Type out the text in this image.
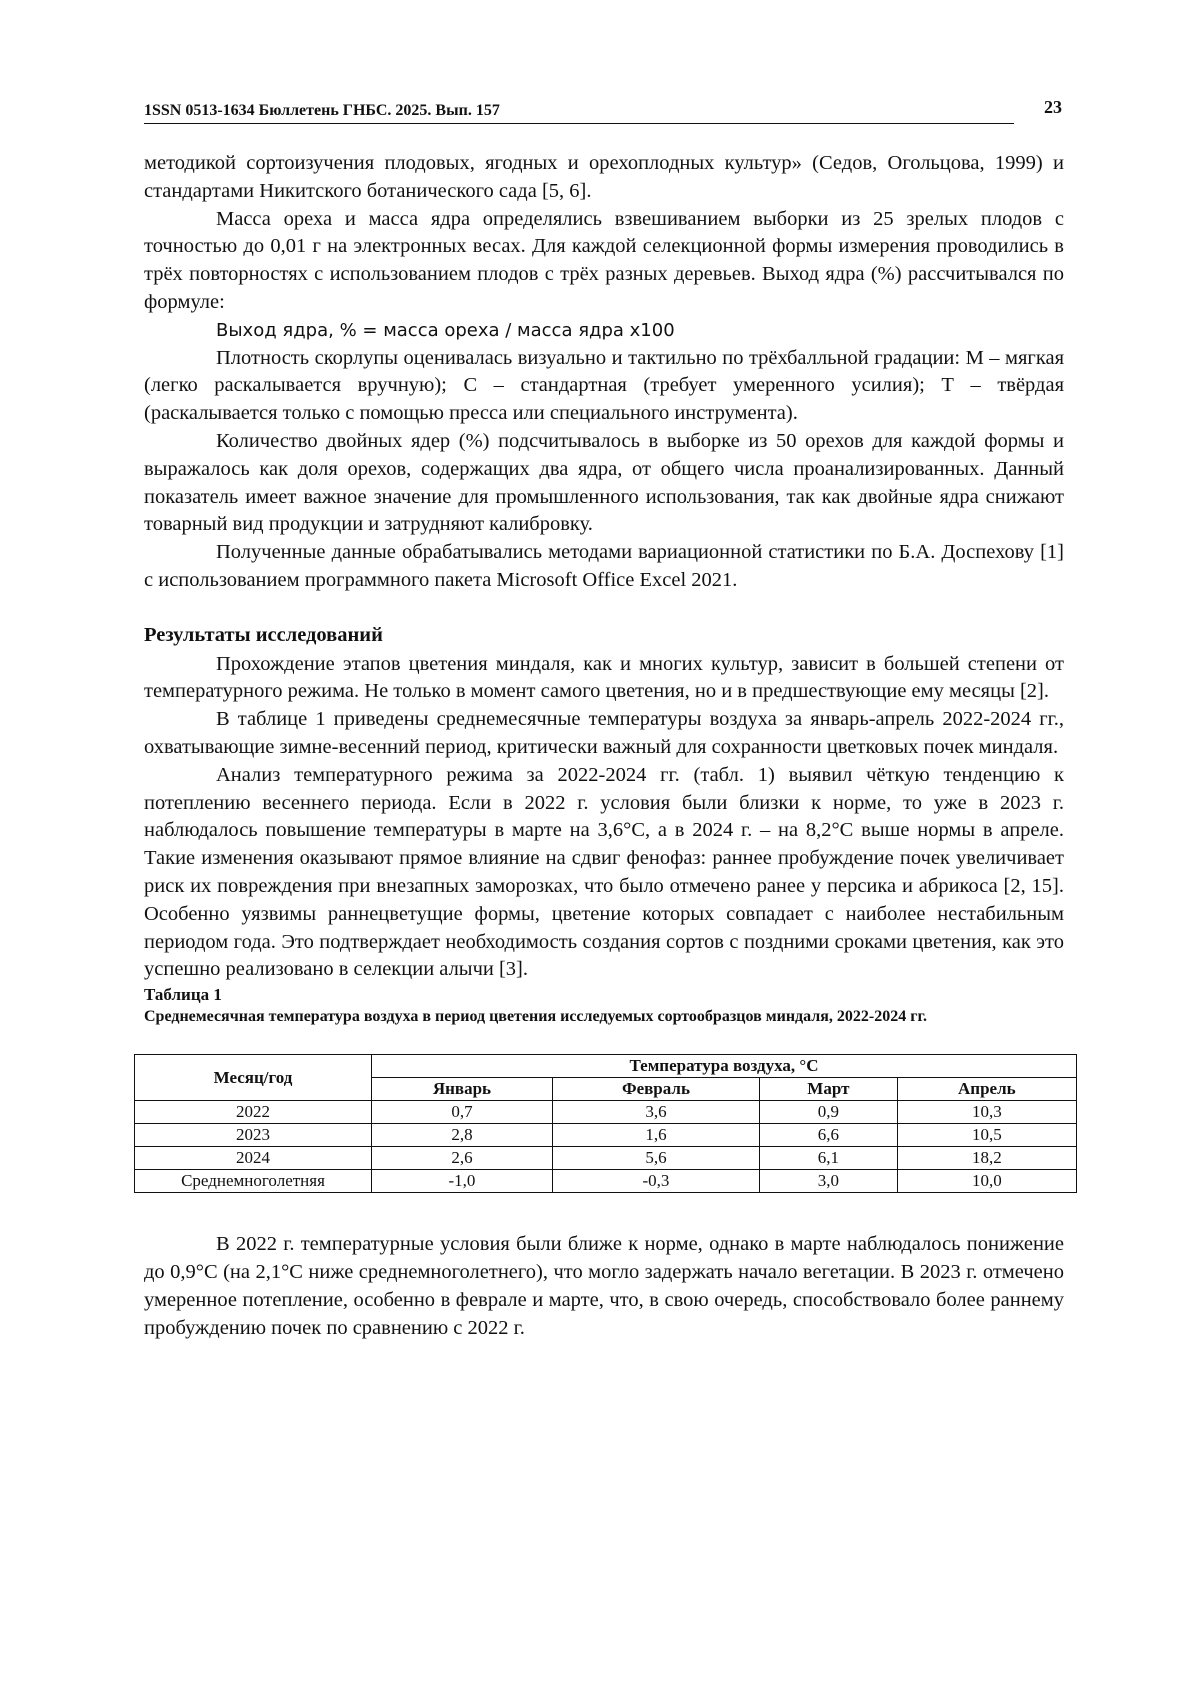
1SSN 0513-1634 Бюллетень ГНБС. 2025. Вып. 157	23

методикой сортоизучения плодовых, ягодных и орехоплодных культур» (Седов, Огольцова, 1999) и стандартами Никитского ботанического сада [5, 6].

Масса ореха и масса ядра определялись взвешиванием выборки из 25 зрелых плодов с точностью до 0,01 г на электронных весах. Для каждой селекционной формы измерения проводились в трёх повторностях с использованием плодов с трёх разных деревьев. Выход ядра (%) рассчитывался по формуле:

Выход ядра, % = масса ореха / масса ядра x100

Плотность скорлупы оценивалась визуально и тактильно по трёхбалльной градации: М – мягкая (легко раскалывается вручную); С – стандартная (требует умеренного усилия); Т – твёрдая (раскалывается только с помощью пресса или специального инструмента).

Количество двойных ядер (%) подсчитывалось в выборке из 50 орехов для каждой формы и выражалось как доля орехов, содержащих два ядра, от общего числа проанализированных. Данный показатель имеет важное значение для промышленного использования, так как двойные ядра снижают товарный вид продукции и затрудняют калибровку.

Полученные данные обрабатывались методами вариационной статистики по Б.А. Доспехову [1] с использованием программного пакета Microsoft Office Excel 2021.

Результаты исследований

Прохождение этапов цветения миндаля, как и многих культур, зависит в большей степени от температурного режима. Не только в момент самого цветения, но и в предшествующие ему месяцы [2].

В таблице 1 приведены среднемесячные температуры воздуха за январь-апрель 2022-2024 гг., охватывающие зимне-весенний период, критически важный для сохранности цветковых почек миндаля.

Анализ температурного режима за 2022-2024 гг. (табл. 1) выявил чёткую тенденцию к потеплению весеннего периода. Если в 2022 г. условия были близки к норме, то уже в 2023 г. наблюдалось повышение температуры в марте на 3,6°С, а в 2024 г. – на 8,2°С выше нормы в апреле. Такие изменения оказывают прямое влияние на сдвиг фенофаз: раннее пробуждение почек увеличивает риск их повреждения при внезапных заморозках, что было отмечено ранее у персика и абрикоса [2, 15]. Особенно уязвимы раннецветущие формы, цветение которых совпадает с наиболее нестабильным периодом года. Это подтверждает необходимость создания сортов с поздними сроками цветения, как это успешно реализовано в селекции алычи [3].

Таблица 1

Среднемесячная температура воздуха в период цветения исследуемых сортообразцов миндаля, 2022-2024 гг.

Месяц/год	Температура воздуха, °С			
	Январь	Февраль	Март	Апрель
2022	0,7	3,6	0,9	10,3
2023	2,8	1,6	6,6	10,5
2024	2,6	5,6	6,1	18,2
Среднемноголетняя	-1,0	-0,3	3,0	10,0

В 2022 г. температурные условия были ближе к норме, однако в марте наблюдалось понижение до 0,9°С (на 2,1°С ниже среднемноголетнего), что могло задержать начало вегетации. В 2023 г. отмечено умеренное потепление, особенно в феврале и марте, что, в свою очередь, способствовало более раннему пробуждению почек по сравнению с 2022 г.
